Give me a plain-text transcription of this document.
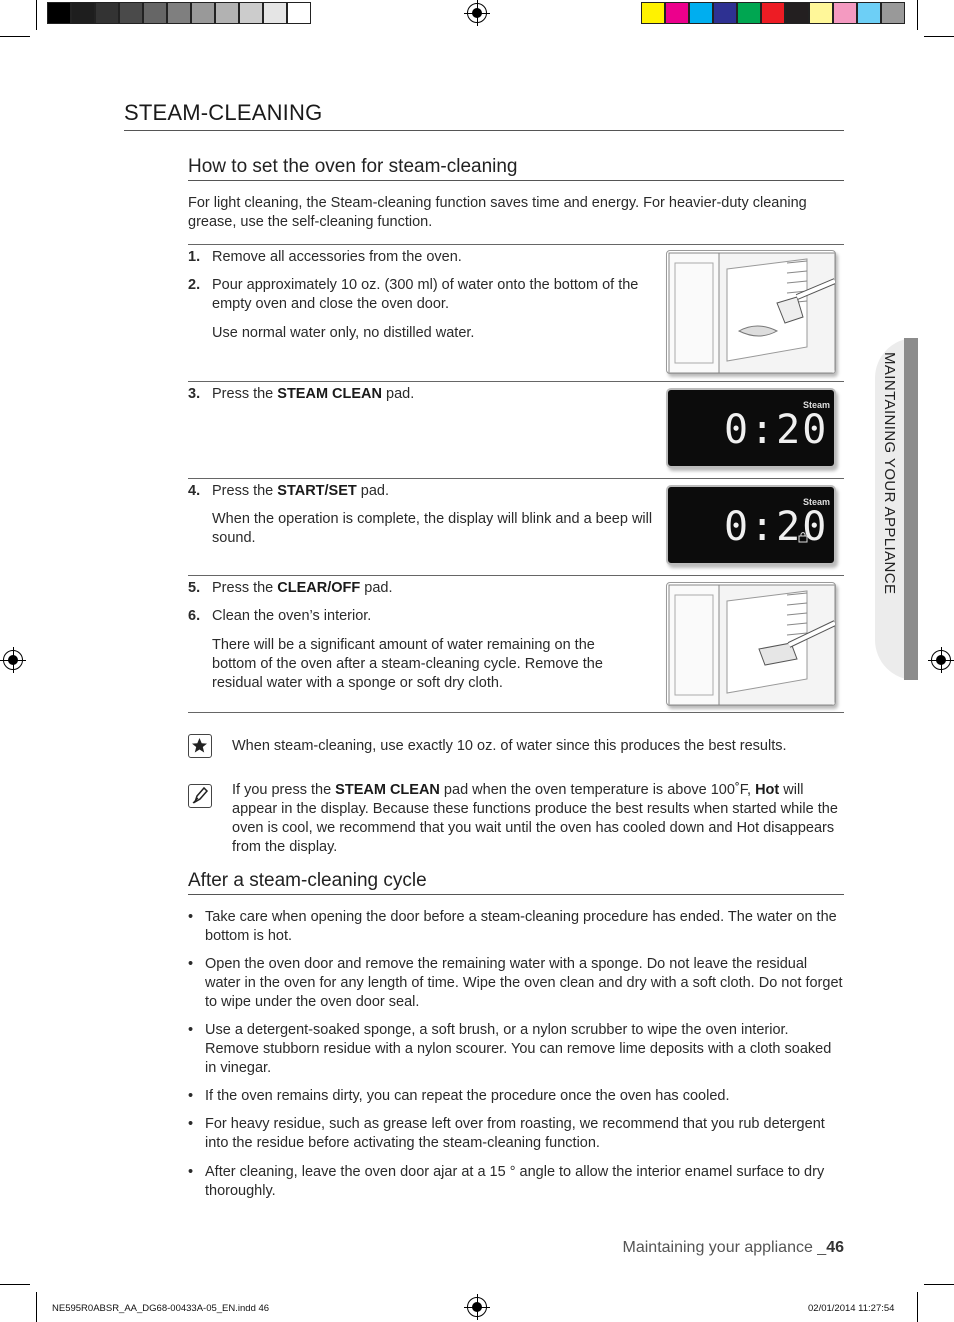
STEAM-CLEANING
How to set the oven for steam-cleaning
For light cleaning, the Steam-cleaning function saves time and energy. For heavier-duty cleaning grease, use the self-cleaning function.
1. Remove all accessories from the oven.
2. Pour approximately 10 oz. (300 ml) of water onto the bottom of the empty oven and close the oven door.
Use normal water only, no distilled water.
3. Press the STEAM CLEAN pad.
Steam
0:20
4. Press the START/SET pad.
When the operation is complete, the display will blink and a beep will sound.
Steam
0:20
5. Press the CLEAR/OFF pad.
6. Clean the oven’s interior.
There will be a significant amount of water remaining on the bottom of the oven after a steam-cleaning cycle. Remove the residual water with a sponge or soft dry cloth.
When steam-cleaning, use exactly 10 oz. of water since this produces the best results.
If you press the STEAM CLEAN pad when the oven temperature is above 100˚F, Hot will appear in the display. Because these functions produce the best results when started while the oven is cool, we recommend that you wait until the oven has cooled down and Hot disappears from the display.
After a steam-cleaning cycle
• Take care when opening the door before a steam-cleaning procedure has ended. The water on the bottom is hot.
• Open the oven door and remove the remaining water with a sponge. Do not leave the residual water in the oven for any length of time. Wipe the oven clean and dry with a soft cloth. Do not forget to wipe under the oven door seal.
• Use a detergent-soaked sponge, a soft brush, or a nylon scrubber to wipe the oven interior. Remove stubborn residue with a nylon scourer. You can remove lime deposits with a cloth soaked in vinegar.
• If the oven remains dirty, you can repeat the procedure once the oven has cooled.
• For heavy residue, such as grease left over from roasting, we recommend that you rub detergent into the residue before activating the steam-cleaning function.
• After cleaning, leave the oven door ajar at a 15 ° angle to allow the interior enamel surface to dry thoroughly.
MAINTAINING YOUR APPLIANCE
Maintaining your appliance _46
NE595R0ABSR_AA_DG68-00433A-05_EN.indd 46	02/01/2014 11:27:54
